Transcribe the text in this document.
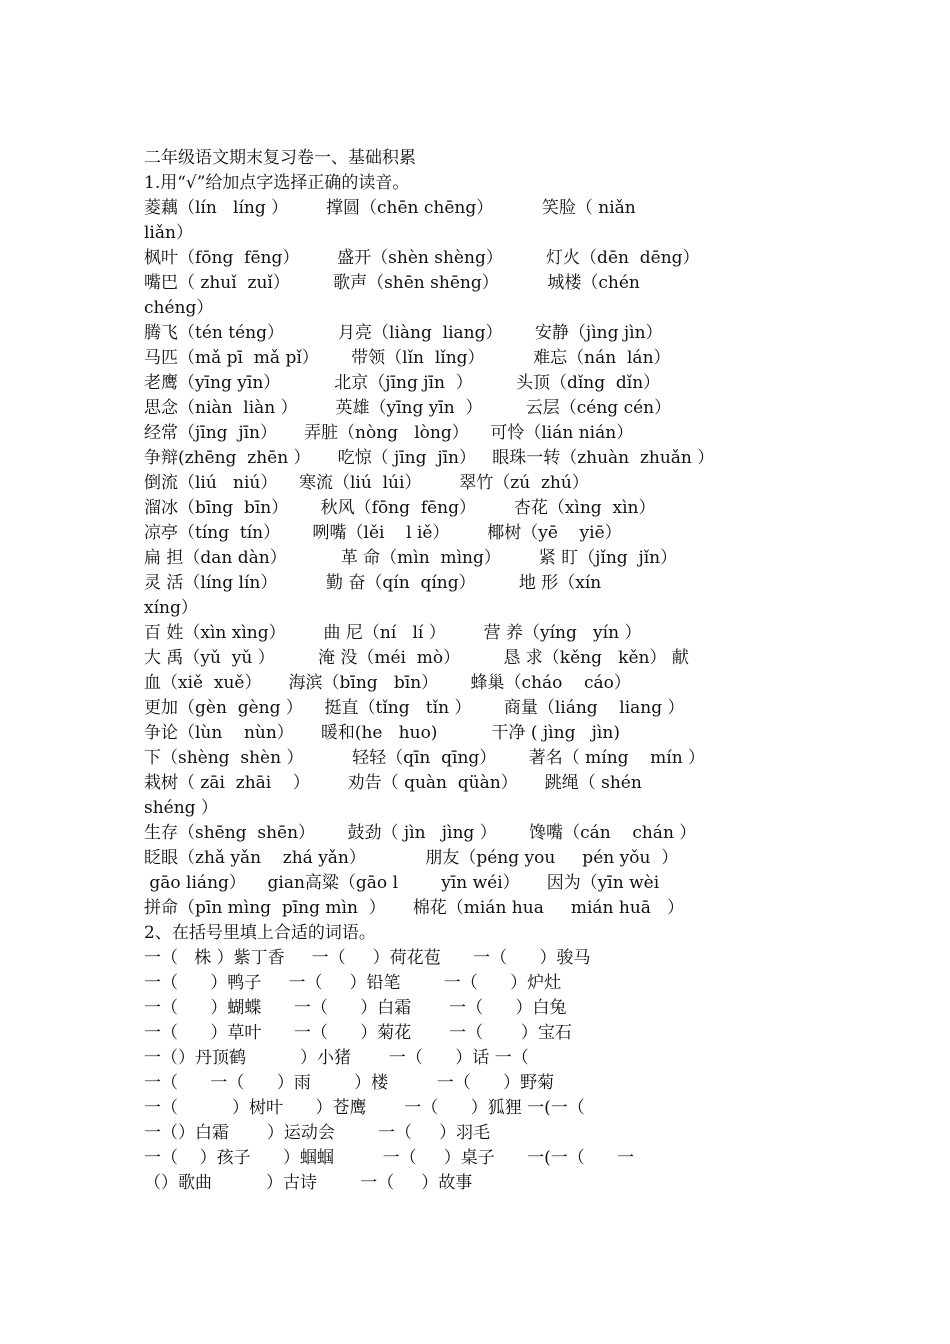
二年级语文期末复习卷一、基础积累
1.用“√”给加点字选择正确的读音。
菱藕（lín   líng ）       撑圆（chēn chēng）         笑脸（ niǎn
liǎn）
枫叶（fōng  fēng）       盛开（shèn shèng）        灯火（dēn  dēng）
嘴巴（ zhuǐ  zuǐ）        歌声（shēn shēng）         城楼（chén
chéng）
腾飞（tén téng）          月亮（liàng  liang）      安静（jìng jìn）
马匹（mǎ pī  mǎ pǐ）      带领（lǐn  lǐng）         难忘（nán  lán）
老鹰（yīng yīn）          北京（jīng jīn  ）        头顶（dǐng  dǐn）
思念（niàn  liàn ）       英雄（yīng yīn  ）        云层（céng cén）
经常（jīng  jīn）     弄脏（nòng   lòng）    可怜（lián nián）
争辩(zhēng  zhēn ）     吃惊（ jīng  jīn）   眼珠一转（zhuàn  zhuǎn ）
倒流（liú   niú）    寒流（liú  lúi）       翠竹（zú  zhú）
溜冰（bīng  bīn）      秋风（fōng  fēng）       杏花（xìng  xìn）
凉亭（tíng  tín）      咧嘴（lěi    l iě）       椰树（yē    yiē）
扁 担（dan dàn）          革 命（mìn  mìng）       紧 盯（jǐng  jǐn）
灵 活（líng lín）         勤 奋（qín  qíng）        地 形（xín
xíng）
百 姓（xìn xìng）       曲 尼（ní   lí ）       营 养（yíng   yín ）
大 禹（yǔ  yǔ ）        淹 没（méi  mò）        恳 求（kěng   kěn） 献
血（xiě  xuě）     海滨（bīng   bīn）      蜂巢（cháo    cáo）
更加（gèn  gèng ）    挺直（tǐng   tǐn ）      商量（liáng    liang ）
争论（lùn    nùn）     暖和(he   huo)          干净 ( jìng   jìn)
下（shèng  shèn ）         轻轻（qīn  qīng）      著名（ míng    mín ）
栽树（ zāi  zhāi    ）       劝告（ quàn  qüàn）     跳绳（ shén
shéng ）
生存（shēng  shēn）      鼓劲（ jìn   jìng ）      馋嘴（cán    chán ）
眨眼（zhǎ yǎn    zhá yǎn）           朋友（péng you     pén yǒu  ）
gāo liáng）    gian高粱（gāo l        yīn wéi）     因为（yīn wèi
拼命（pīn mìng  pīng mìn  ）     棉花（mián hua     mián huā   ）
2、在括号里填上合适的词语。
一（   株 ）紫丁香     一（     ）荷花苞      一（      ）骏马
一（      ）鸭子     一（     ）铅笔        一（      ）炉灶
一（      ）蝴蝶      一（      ）白霜       一（      ）白兔
一（      ）草叶      一（      ）菊花       一（       ）宝石
一（）丹顶鹤          ）小猪       一（      ）话 一（
一（      一（      ）雨        ）楼         一（      ）野菊
一（          ）树叶      ）苍鹰       一（      ）狐狸 一(一（
一（）白霜       ）运动会        一（     ）羽毛
一（    ）孩子      ）蝈蝈         一（     ）桌子      一(一（      一
（）歌曲          ）古诗        一（     ）故事
